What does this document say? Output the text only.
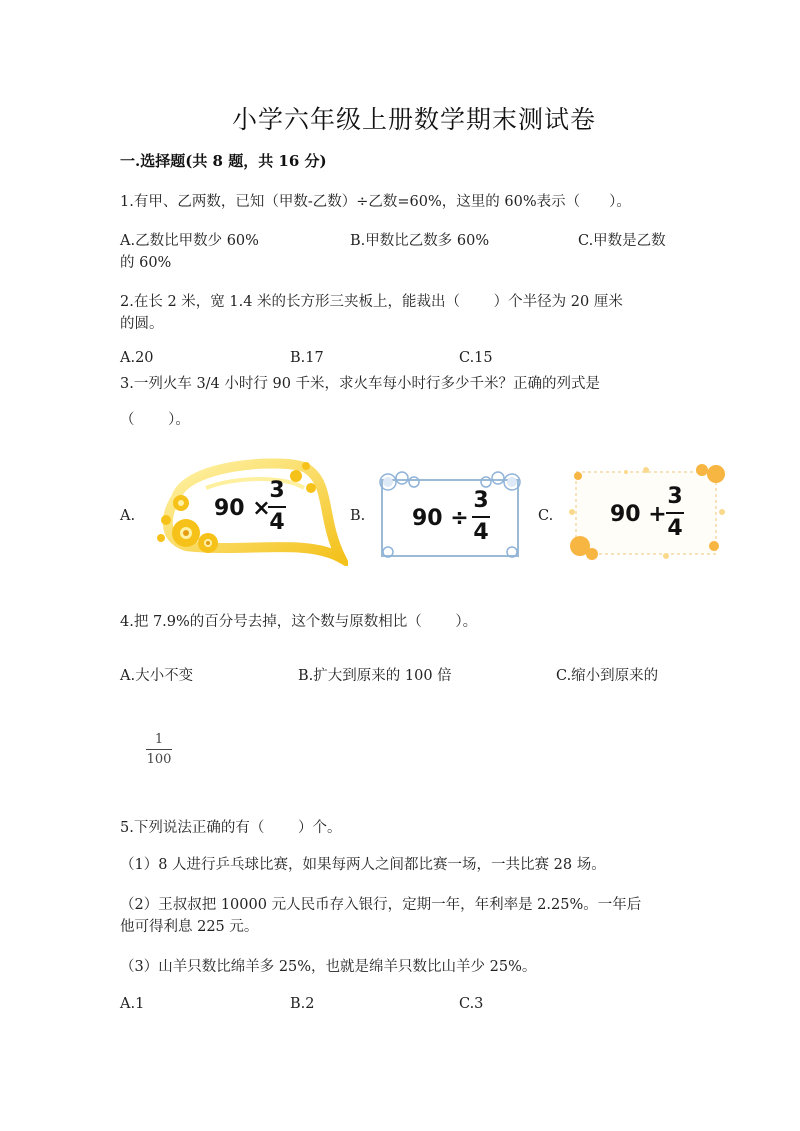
小学六年级上册数学期末测试卷
一.选择题(共 8 题，共 16 分)
1.有甲、乙两数，已知（甲数-乙数）÷乙数=60%，这里的 60%表示（　　）。
A.乙数比甲数少 60%	B.甲数比乙数多 60%	C.甲数是乙数
的 60%
2.在长 2 米，宽 1.4 米的长方形三夹板上，能裁出（　　 ）个半径为 20 厘米
的圆。
A.20	B.17	C.15
3.一列火车 3/4 小时行 90 千米，求火车每小时行多少千米？正确的列式是
（　　 ）。
A.	90 ×
3
4	B. 90 ÷
3
4
C.	90 +
3
4
4.把 7.9%的百分号去掉，这个数与原数相比（　　 ）。
A.大小不变	B.扩大到原来的 100 倍	C.缩小到原来的
1
100
5.下列说法正确的有（　　 ）个。
（1）8 人进行乒乓球比赛，如果每两人之间都比赛一场，一共比赛 28 场。
（2）王叔叔把 10000 元人民币存入银行，定期一年，年利率是 2.25%。一年后
他可得利息 225 元。
（3）山羊只数比绵羊多 25%，也就是绵羊只数比山羊少 25%。
A.1	B.2	C.3
